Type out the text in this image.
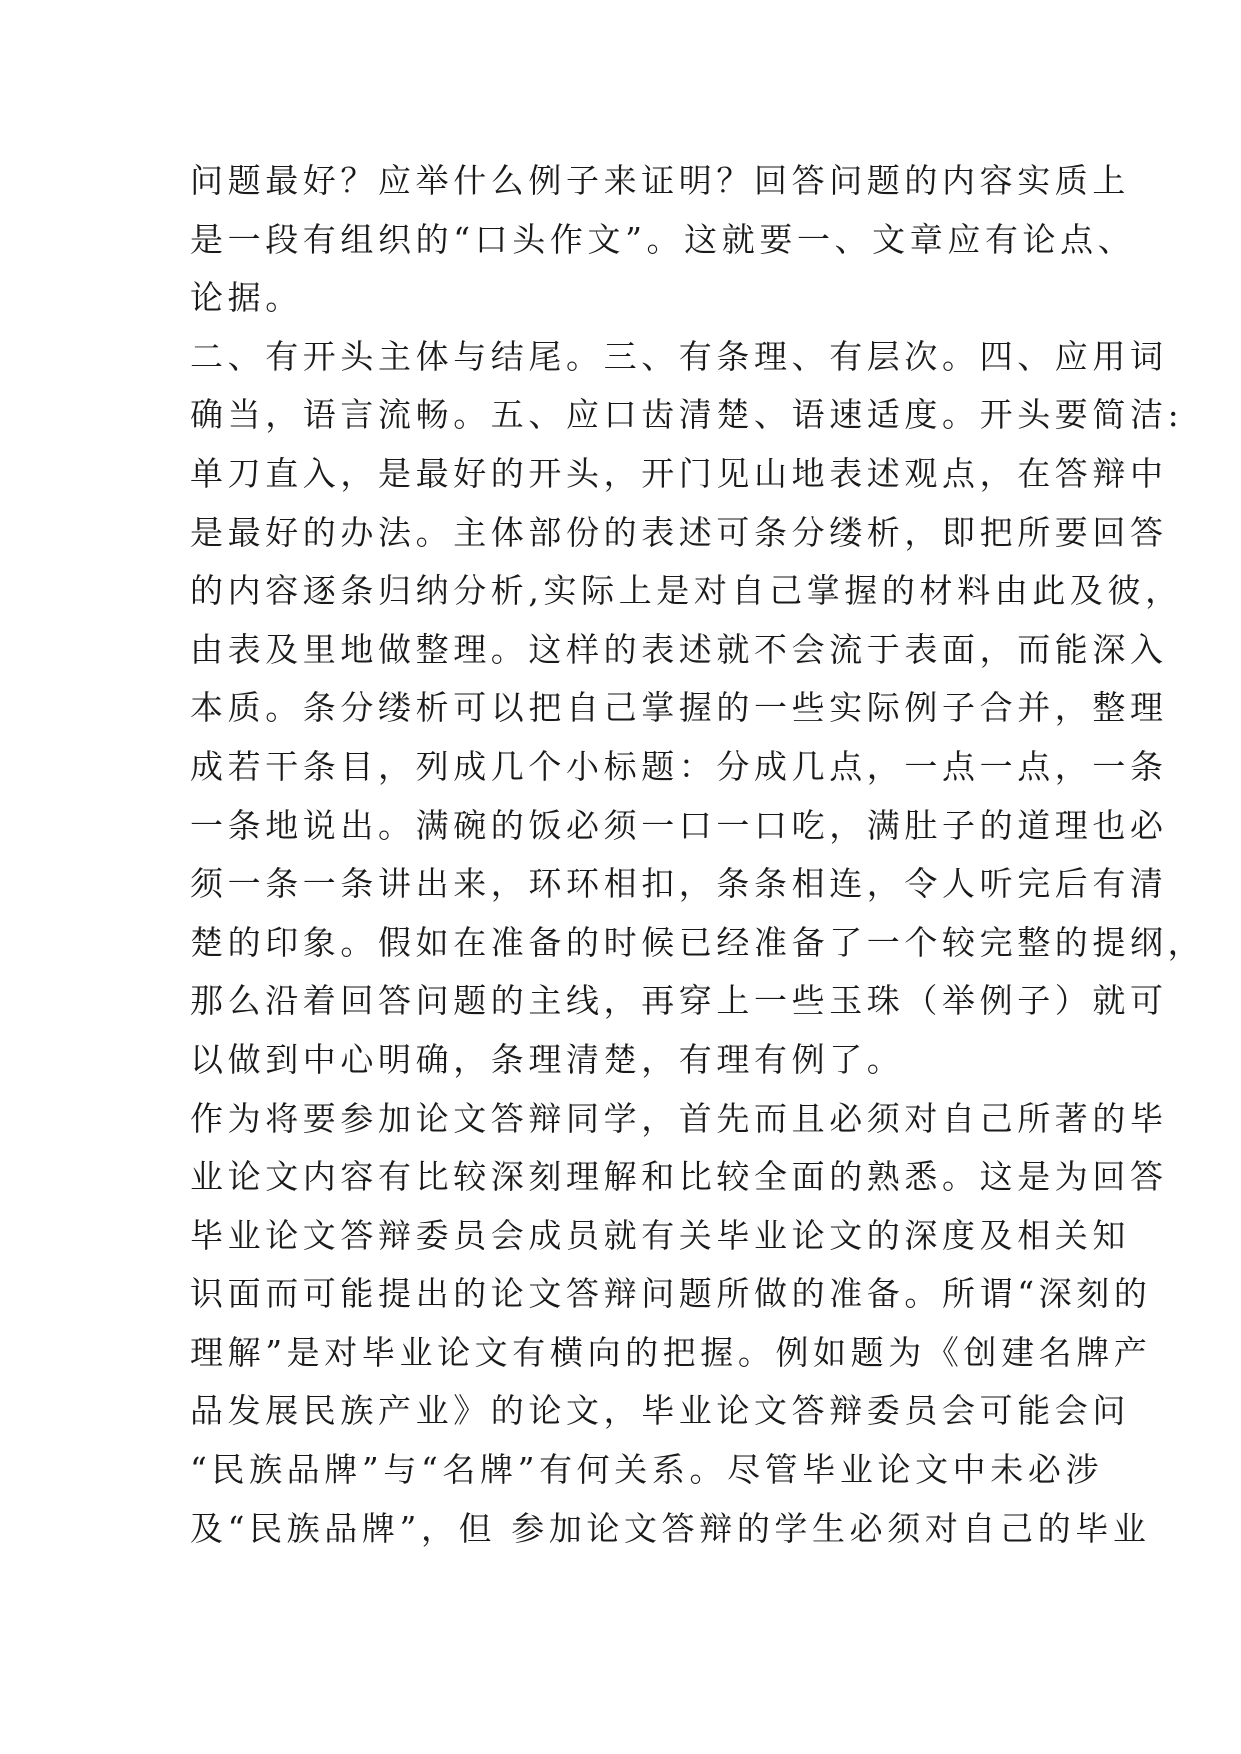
问题最好？应举什么例子来证明？回答问题的内容实质上
是一段有组织的“口头作文”。这就要一、文章应有论点、
论据。
二、有开头主体与结尾。三、有条理、有层次。四、应用词
确当，语言流畅。五、应口齿清楚、语速适度。开头要简洁:
单刀直入，是最好的开头，开门见山地表述观点，在答辩中
是最好的办法。主体部份的表述可条分缕析，即把所要回答
的内容逐条归纳分析,实际上是对自己掌握的材料由此及彼，
由表及里地做整理。这样的表述就不会流于表面，而能深入
本质。条分缕析可以把自己掌握的一些实际例子合并，整理
成若干条目，列成几个小标题：分成几点，一点一点，一条
一条地说出。满碗的饭必须一口一口吃，满肚子的道理也必
须一条一条讲出来，环环相扣，条条相连，令人听完后有清
楚的印象。假如在准备的时候已经准备了一个较完整的提纲，
那么沿着回答问题的主线，再穿上一些玉珠（举例子）就可
以做到中心明确，条理清楚，有理有例了。
作为将要参加论文答辩同学，首先而且必须对自己所著的毕
业论文内容有比较深刻理解和比较全面的熟悉。这是为回答
毕业论文答辩委员会成员就有关毕业论文的深度及相关知
识面而可能提出的论文答辩问题所做的准备。所谓“深刻的
理解”是对毕业论文有横向的把握。例如题为《创建名牌产
品发展民族产业》的论文，毕业论文答辩委员会可能会问
“民族品牌”与“名牌”有何关系。尽管毕业论文中未必涉
及“民族品牌”，但 参加论文答辩的学生必须对自己的毕业
